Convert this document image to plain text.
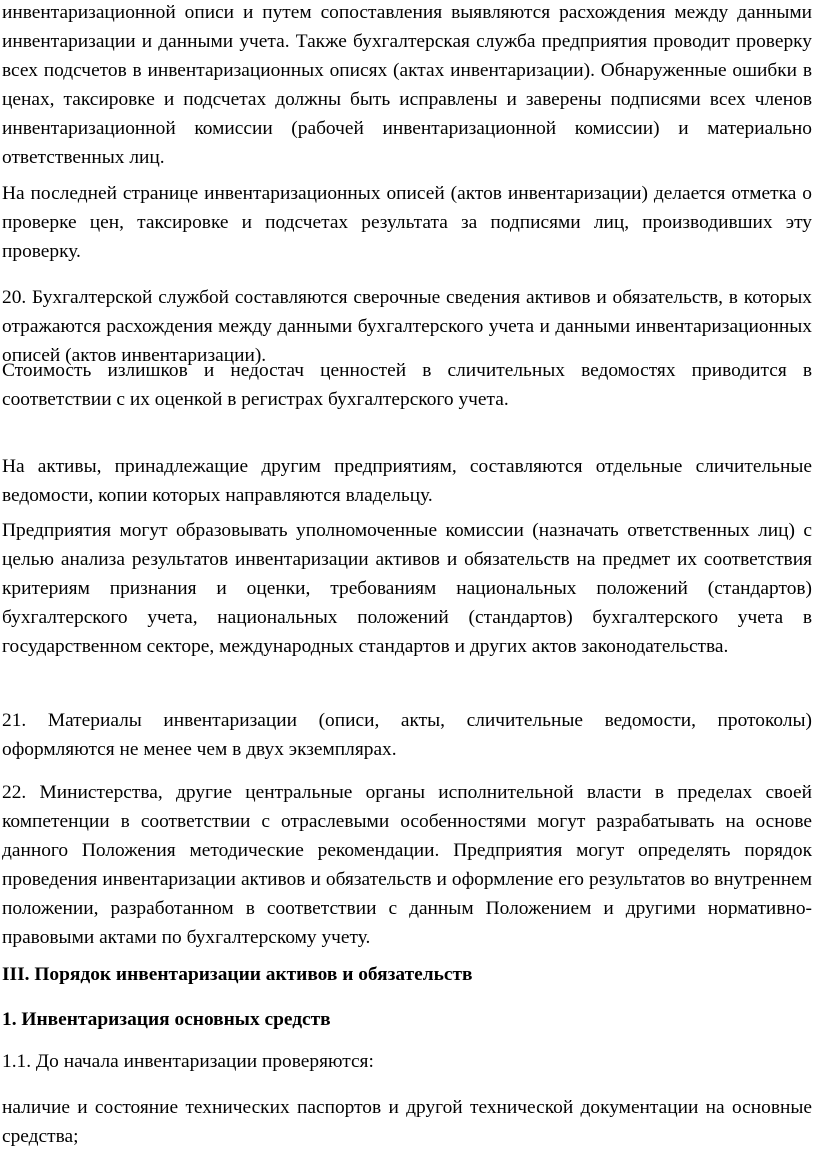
инвентаризационной описи и путем сопоставления выявляются расхождения между данными инвентаризации и данными учета. Также бухгалтерская служба предприятия проводит проверку всех подсчетов в инвентаризационных описях (актах инвентаризации). Обнаруженные ошибки в ценах, таксировке и подсчетах должны быть исправлены и заверены подписями всех членов инвентаризационной комиссии (рабочей инвентаризационной комиссии) и материально ответственных лиц.

На последней странице инвентаризационных описей (актов инвентаризации) делается отметка о проверке цен, таксировке и подсчетах результата за подписями лиц, производивших эту проверку.

20. Бухгалтерской службой составляются сверочные сведения активов и обязательств, в которых отражаются расхождения между данными бухгалтерского учета и данными инвентаризационных описей (актов инвентаризации).

Стоимость излишков и недостач ценностей в сличительных ведомостях приводится в соответствии с их оценкой в регистрах бухгалтерского учета.

На активы, принадлежащие другим предприятиям, составляются отдельные сличительные ведомости, копии которых направляются владельцу.

Предприятия могут образовывать уполномоченные комиссии (назначать ответственных лиц) с целью анализа результатов инвентаризации активов и обязательств на предмет их соответствия критериям признания и оценки, требованиям национальных положений (стандартов) бухгалтерского учета, национальных положений (стандартов) бухгалтерского учета в государственном секторе, международных стандартов и других актов законодательства.

21. Материалы инвентаризации (описи, акты, сличительные ведомости, протоколы) оформляются не менее чем в двух экземплярах.

22. Министерства, другие центральные органы исполнительной власти в пределах своей компетенции в соответствии с отраслевыми особенностями могут разрабатывать на основе данного Положения методические рекомендации. Предприятия могут определять порядок проведения инвентаризации активов и обязательств и оформление его результатов во внутреннем положении, разработанном в соответствии с данным Положением и другими нормативно-правовыми актами по бухгалтерскому учету.

III. Порядок инвентаризации активов и обязательств

1. Инвентаризация основных средств

1.1. До начала инвентаризации проверяются:

наличие и состояние технических паспортов и другой технической документации на основные средства;
